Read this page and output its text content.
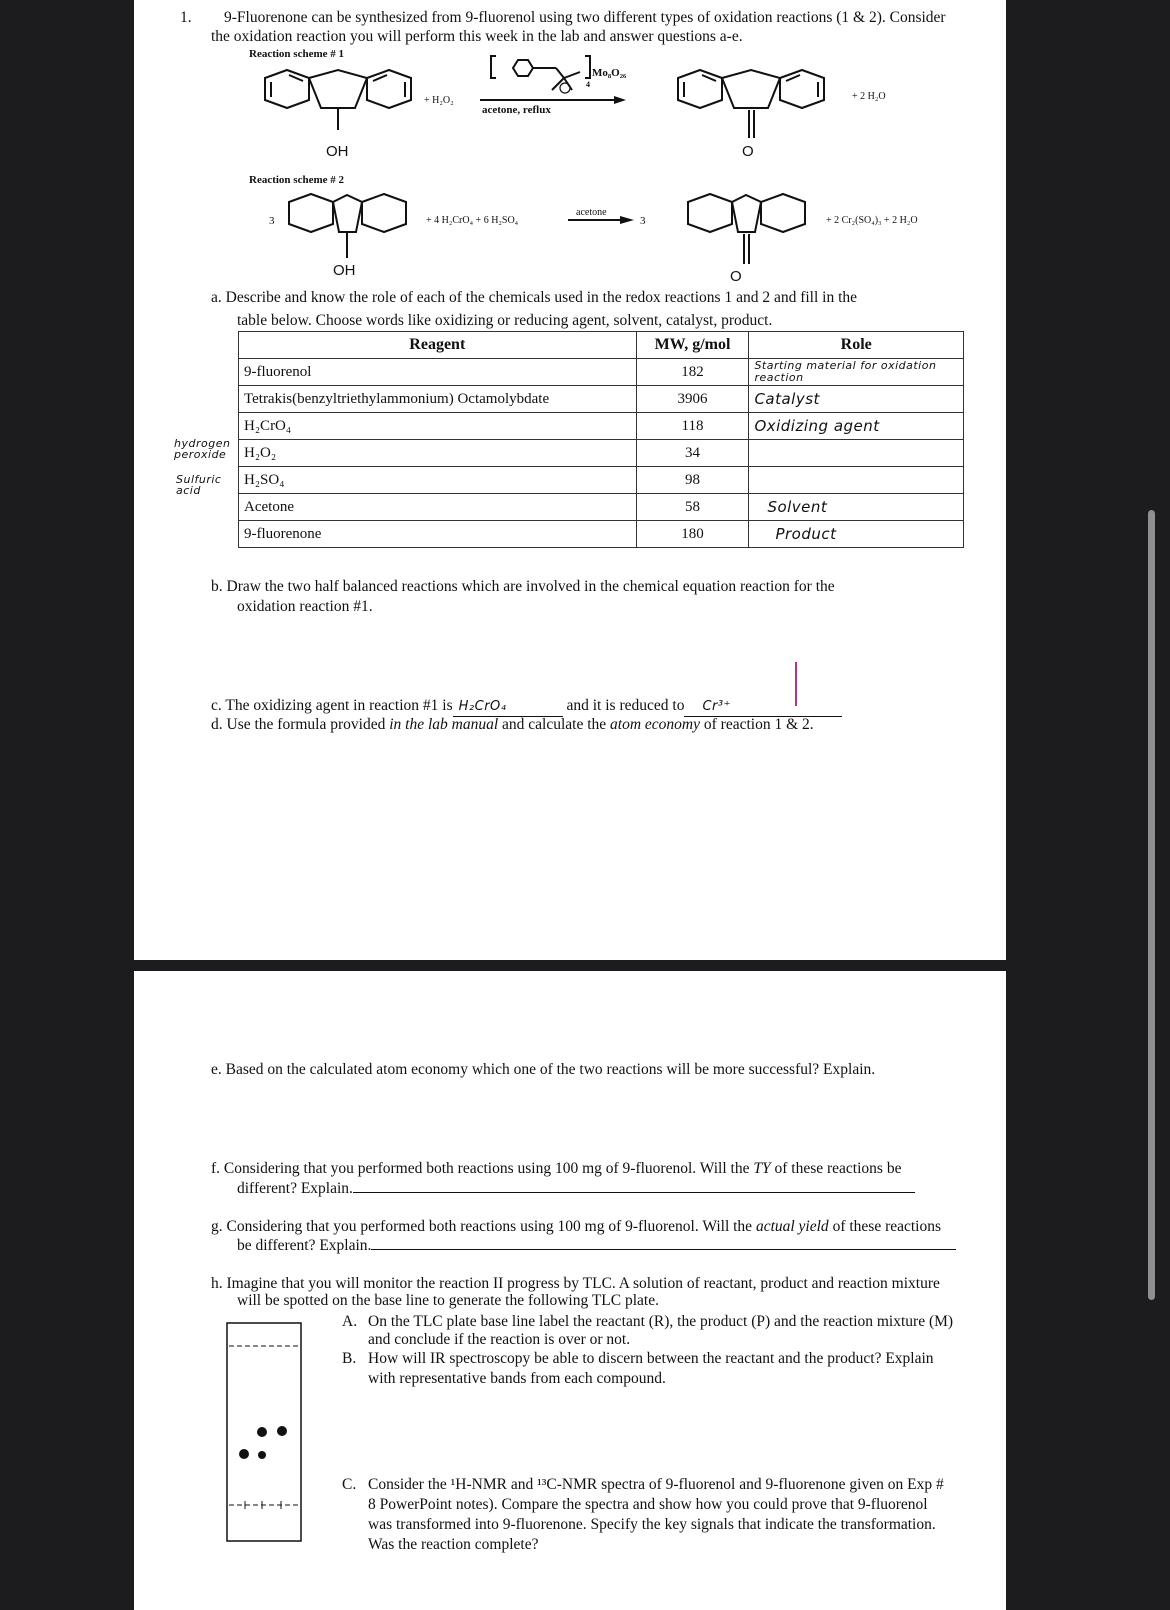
1. 9-Fluorenone can be synthesized from 9-fluorenol using two different types of oxidation reactions (1 & 2). Consider
the oxidation reaction you will perform this week in the lab and answer questions a-e.
Reaction scheme # 1
Reaction scheme # 2
OH	O
+ H₂O₂
Mo₈O₂₆
4
acetone, reflux
+ 2 H₂O
3	+ 4 H₂CrO₄ + 6 H₂SO₄
acetone
3	+ 2 Cr₂(SO₄)₃ + 2 H₂O
OH	O
a. Describe and know the role of each of the chemicals used in the redox reactions 1 and 2 and fill in the
table below. Choose words like oxidizing or reducing agent, solvent, catalyst, product.
Reagent	MW, g/mol	Role
9-fluorenol	182	Starting material for oxidation reaction
Tetrakis(benzyltriethylammonium) Octamolybdate	3906	Catalyst
H₂CrO₄	118	Oxidizing agent
H₂O₂	34	
H₂SO₄	98	
Acetone	58	Solvent
9-fluorenone	180	Product
hydrogen peroxide
Sulfuric acid
b. Draw the two half balanced reactions which are involved in the chemical equation reaction for the
oxidation reaction #1.
c. The oxidizing agent in reaction #1 is H₂CrO₄	and it is reduced to Cr³⁺
d. Use the formula provided in the lab manual and calculate the atom economy of reaction 1 & 2.
e. Based on the calculated atom economy which one of the two reactions will be more successful? Explain.
f. Considering that you performed both reactions using 100 mg of 9-fluorenol. Will the TY of these reactions be
different? Explain.
g. Considering that you performed both reactions using 100 mg of 9-fluorenol. Will the actual yield of these reactions
be different? Explain.
h. Imagine that you will monitor the reaction II progress by TLC. A solution of reactant, product and reaction mixture
will be spotted on the base line to generate the following TLC plate.
A. On the TLC plate base line label the reactant (R), the product (P) and the reaction mixture (M)
and conclude if the reaction is over or not.
B. How will IR spectroscopy be able to discern between the reactant and the product? Explain
with representative bands from each compound.
C. Consider the ¹H-NMR and ¹³C-NMR spectra of 9-fluorenol and 9-fluorenone given on Exp #
8 PowerPoint notes). Compare the spectra and show how you could prove that 9-fluorenol
was transformed into 9-fluorenone. Specify the key signals that indicate the transformation.
Was the reaction complete?
